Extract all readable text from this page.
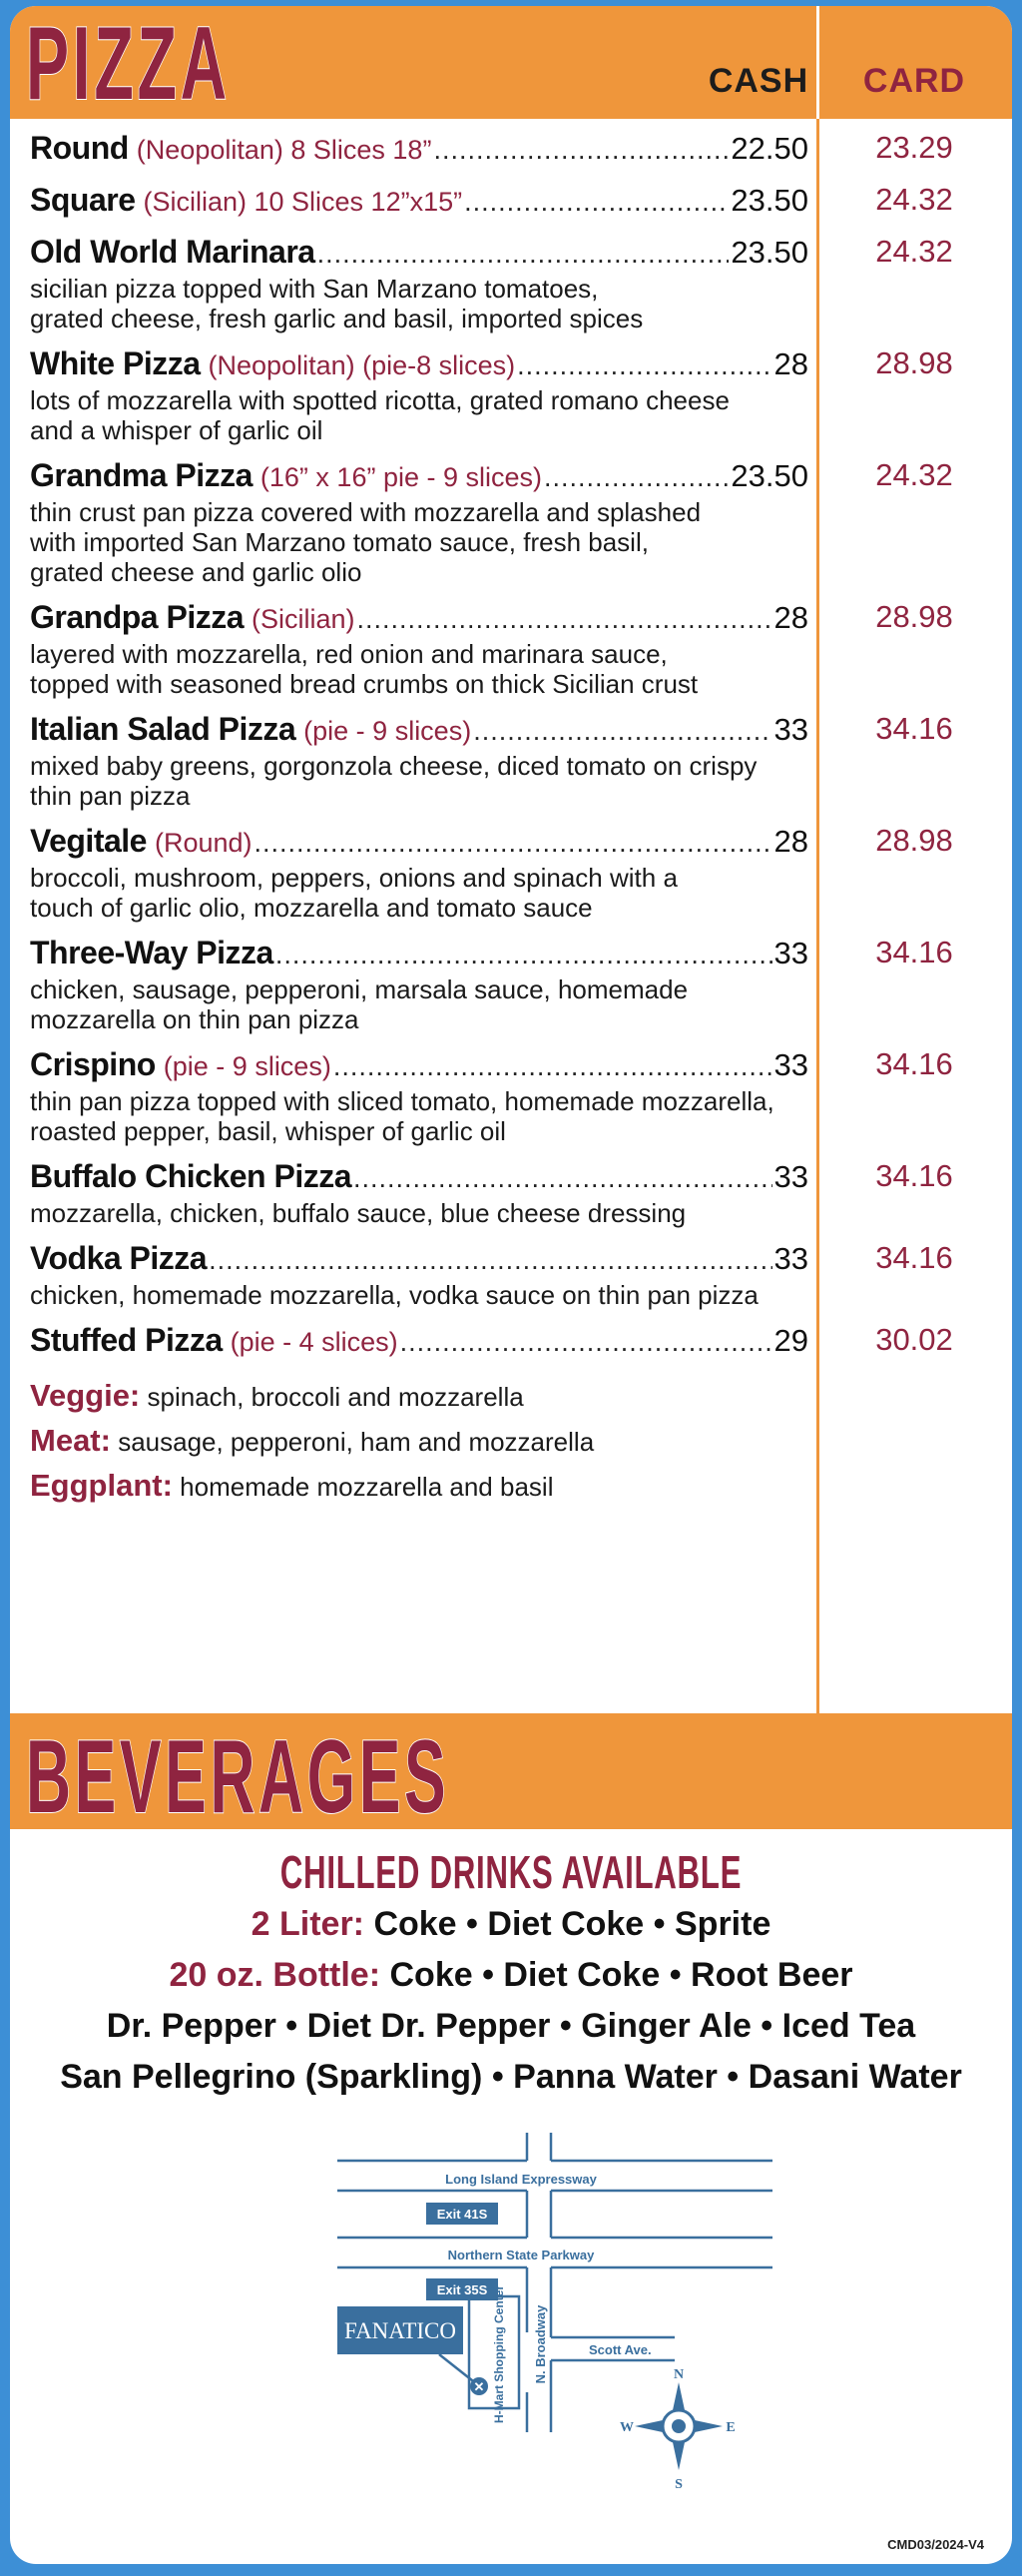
PIZZA	CASH	CARD
Round (Neopolitan) 8 Slices 18” .....	22.50	23.29
Square (Sicilian) 10 Slices 12”x15” .....	23.50	24.32
Old World Marinara .....	23.50	24.32
sicilian pizza topped with San Marzano tomatoes,
grated cheese, fresh garlic and basil, imported spices
White Pizza (Neopolitan) (pie-8 slices) .....	28	28.98
lots of mozzarella with spotted ricotta, grated romano cheese
and a whisper of garlic oil
Grandma Pizza (16” x 16” pie - 9 slices) .....	23.50	24.32
thin crust pan pizza covered with mozzarella and splashed
with imported San Marzano tomato sauce, fresh basil,
grated cheese and garlic olio
Grandpa Pizza (Sicilian) .....	28	28.98
layered with mozzarella, red onion and marinara sauce,
topped with seasoned bread crumbs on thick Sicilian crust
Italian Salad Pizza (pie - 9 slices) .....	33	34.16
mixed baby greens, gorgonzola cheese, diced tomato on crispy
thin pan pizza
Vegitale (Round) .....	28	28.98
broccoli, mushroom, peppers, onions and spinach with a
touch of garlic olio, mozzarella and tomato sauce
Three-Way Pizza .....	33	34.16
chicken, sausage, pepperoni, marsala sauce, homemade
mozzarella on thin pan pizza
Crispino (pie - 9 slices) .....	33	34.16
thin pan pizza topped with sliced tomato, homemade mozzarella,
roasted pepper, basil, whisper of garlic oil
Buffalo Chicken Pizza .....	33	34.16
mozzarella, chicken, buffalo sauce, blue cheese dressing
Vodka Pizza .....	33	34.16
chicken, homemade mozzarella, vodka sauce on thin pan pizza
Stuffed Pizza (pie - 4 slices) .....	29	30.02
Veggie: spinach, broccoli and mozzarella
Meat: sausage, pepperoni, ham and mozzarella
Eggplant: homemade mozzarella and basil
BEVERAGES
CHILLED DRINKS AVAILABLE
2 Liter: Coke • Diet Coke • Sprite
20 oz. Bottle: Coke • Diet Coke • Root Beer
Dr. Pepper • Diet Dr. Pepper • Ginger Ale • Iced Tea
San Pellegrino (Sparkling) • Panna Water • Dasani Water
Long Island Expressway
Exit 41S
Northern State Parkway
Exit 35S
FANATICO
✕ H-Mart Shopping Center N. Broadway	Scott Ave.
N
S
E
W
CMD03/2024-V4
